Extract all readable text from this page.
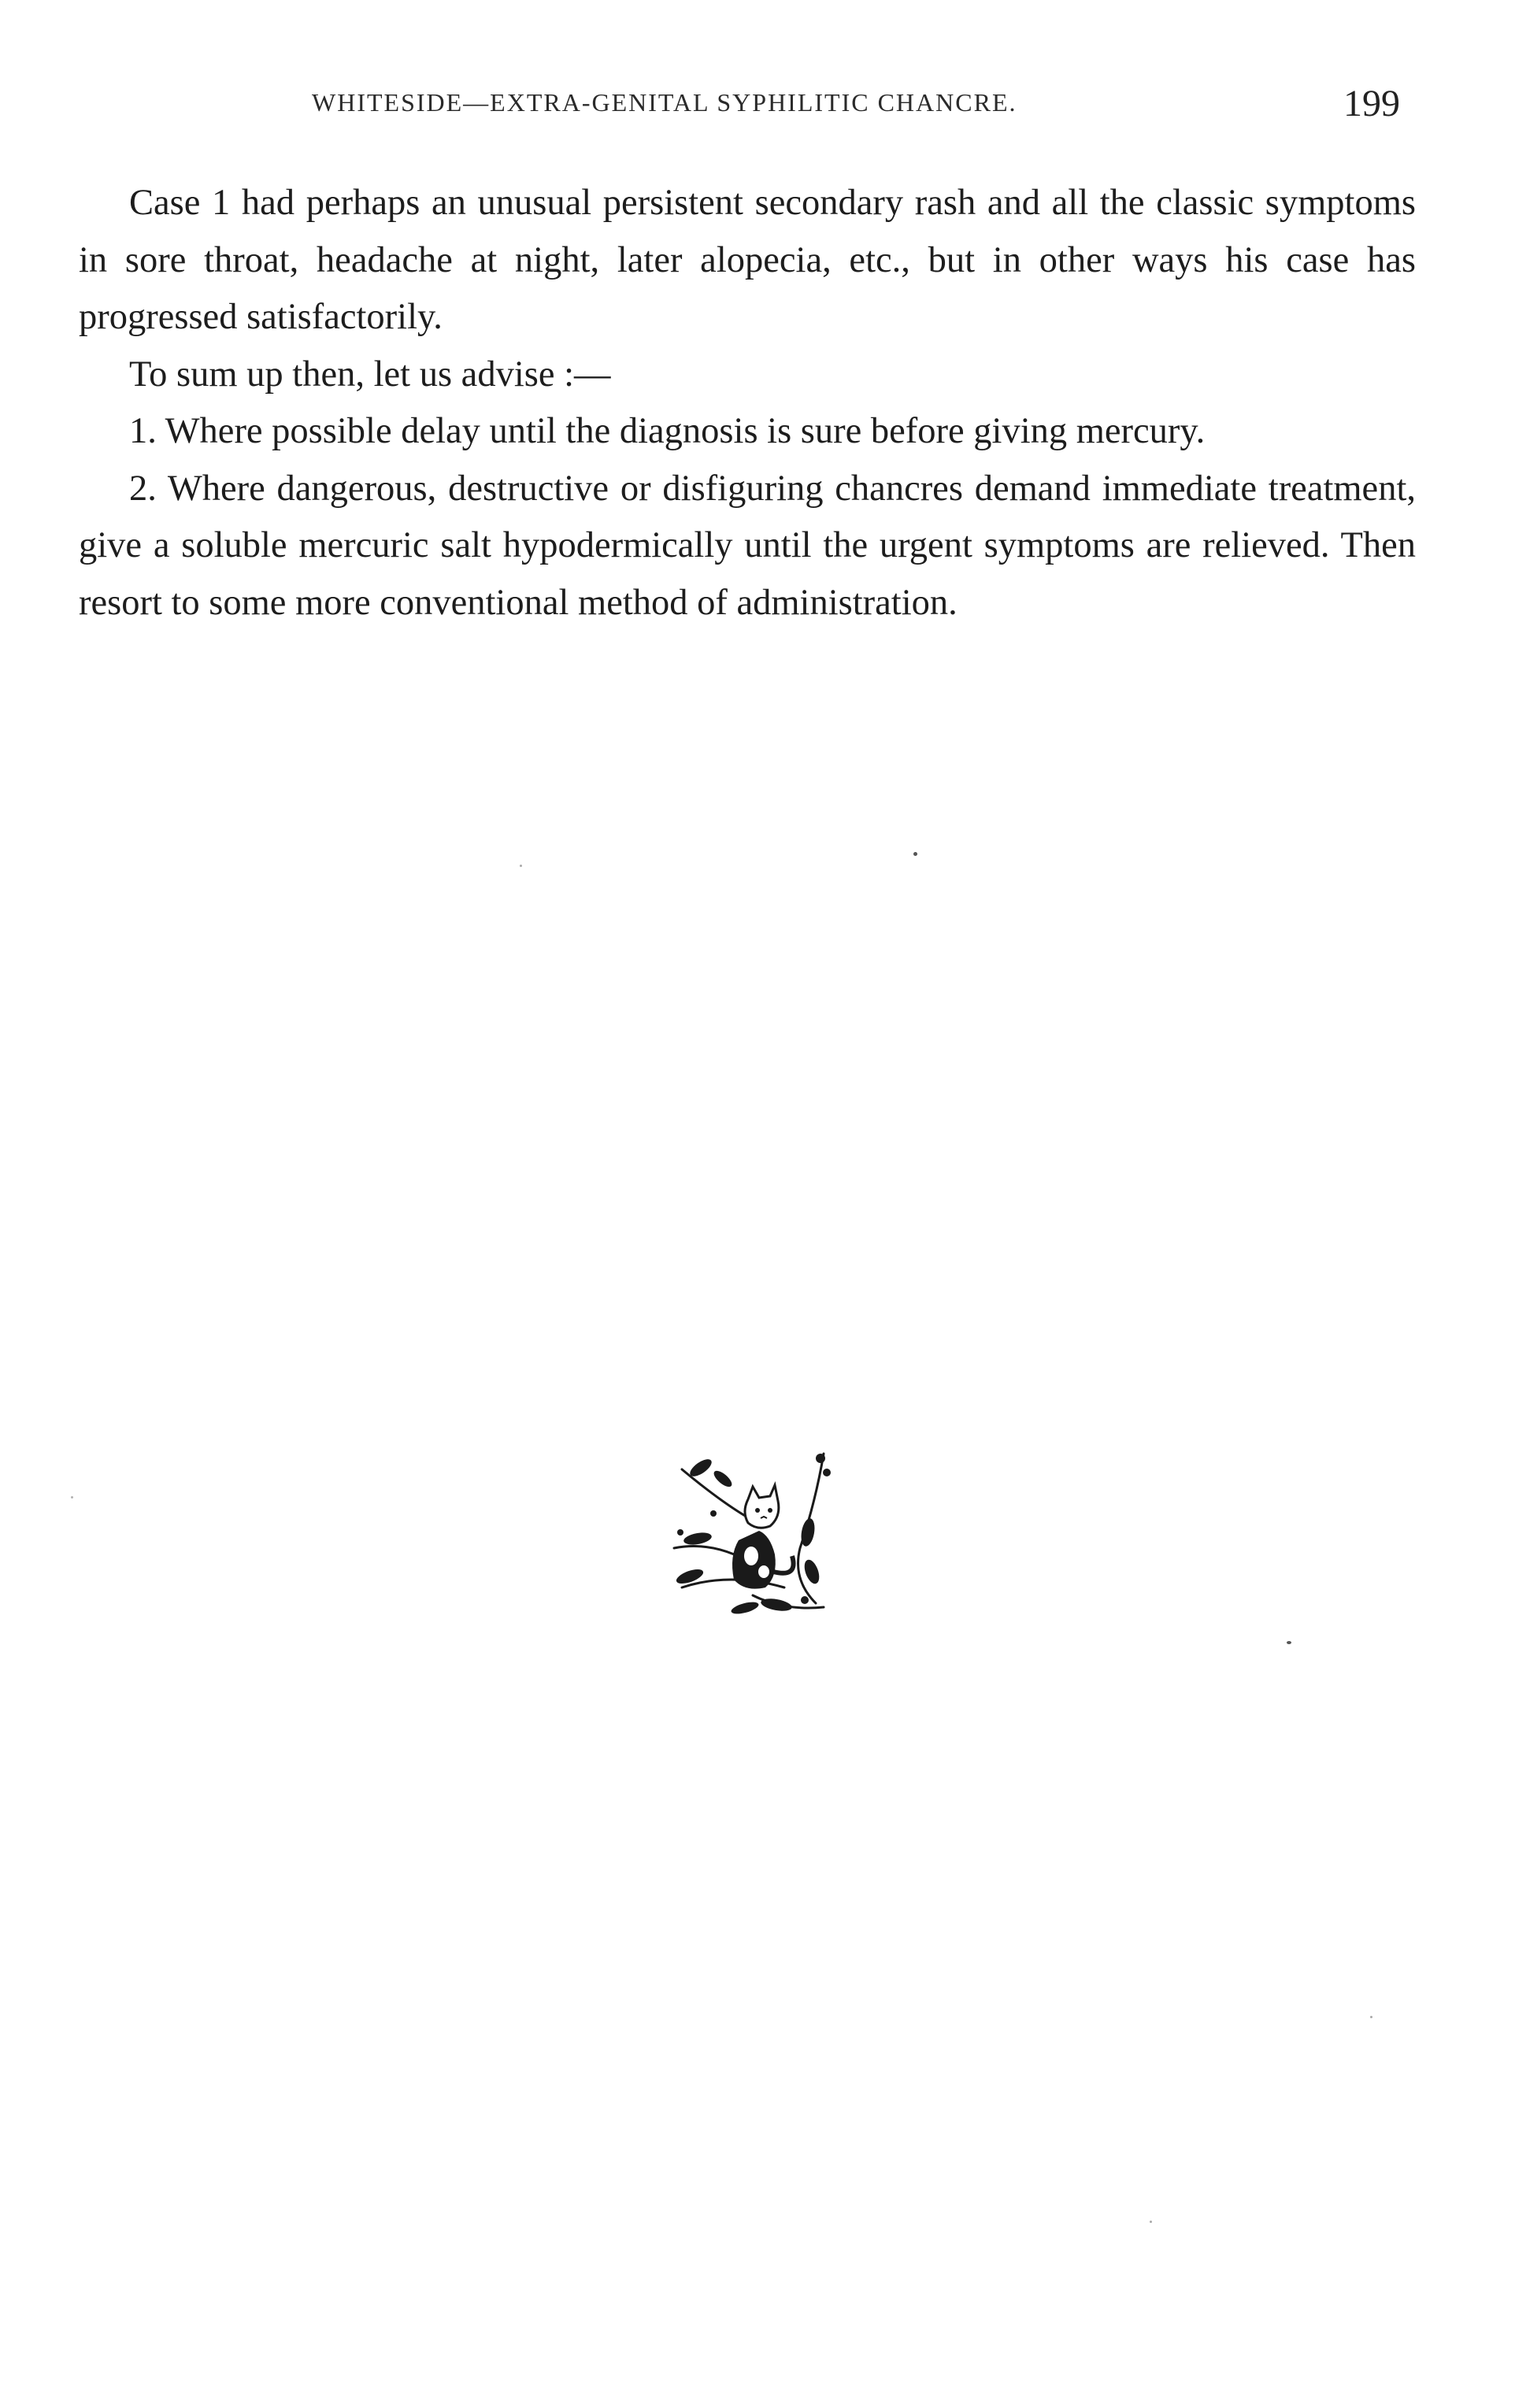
WHITESIDE—EXTRA-GENITAL SYPHILITIC CHANCRE.	199

Case 1 had perhaps an unusual persistent secondary rash and all the classic symptoms in sore throat, headache at night, later alopecia, etc., but in other ways his case has progressed satisfactorily.

To sum up then, let us advise :—

1. Where possible delay until the diagnosis is sure before giving mercury.

2. Where dangerous, destructive or disfiguring chancres demand immediate treatment, give a soluble mercuric salt hypodermically until the urgent symptoms are relieved. Then resort to some more conventional method of administration.
